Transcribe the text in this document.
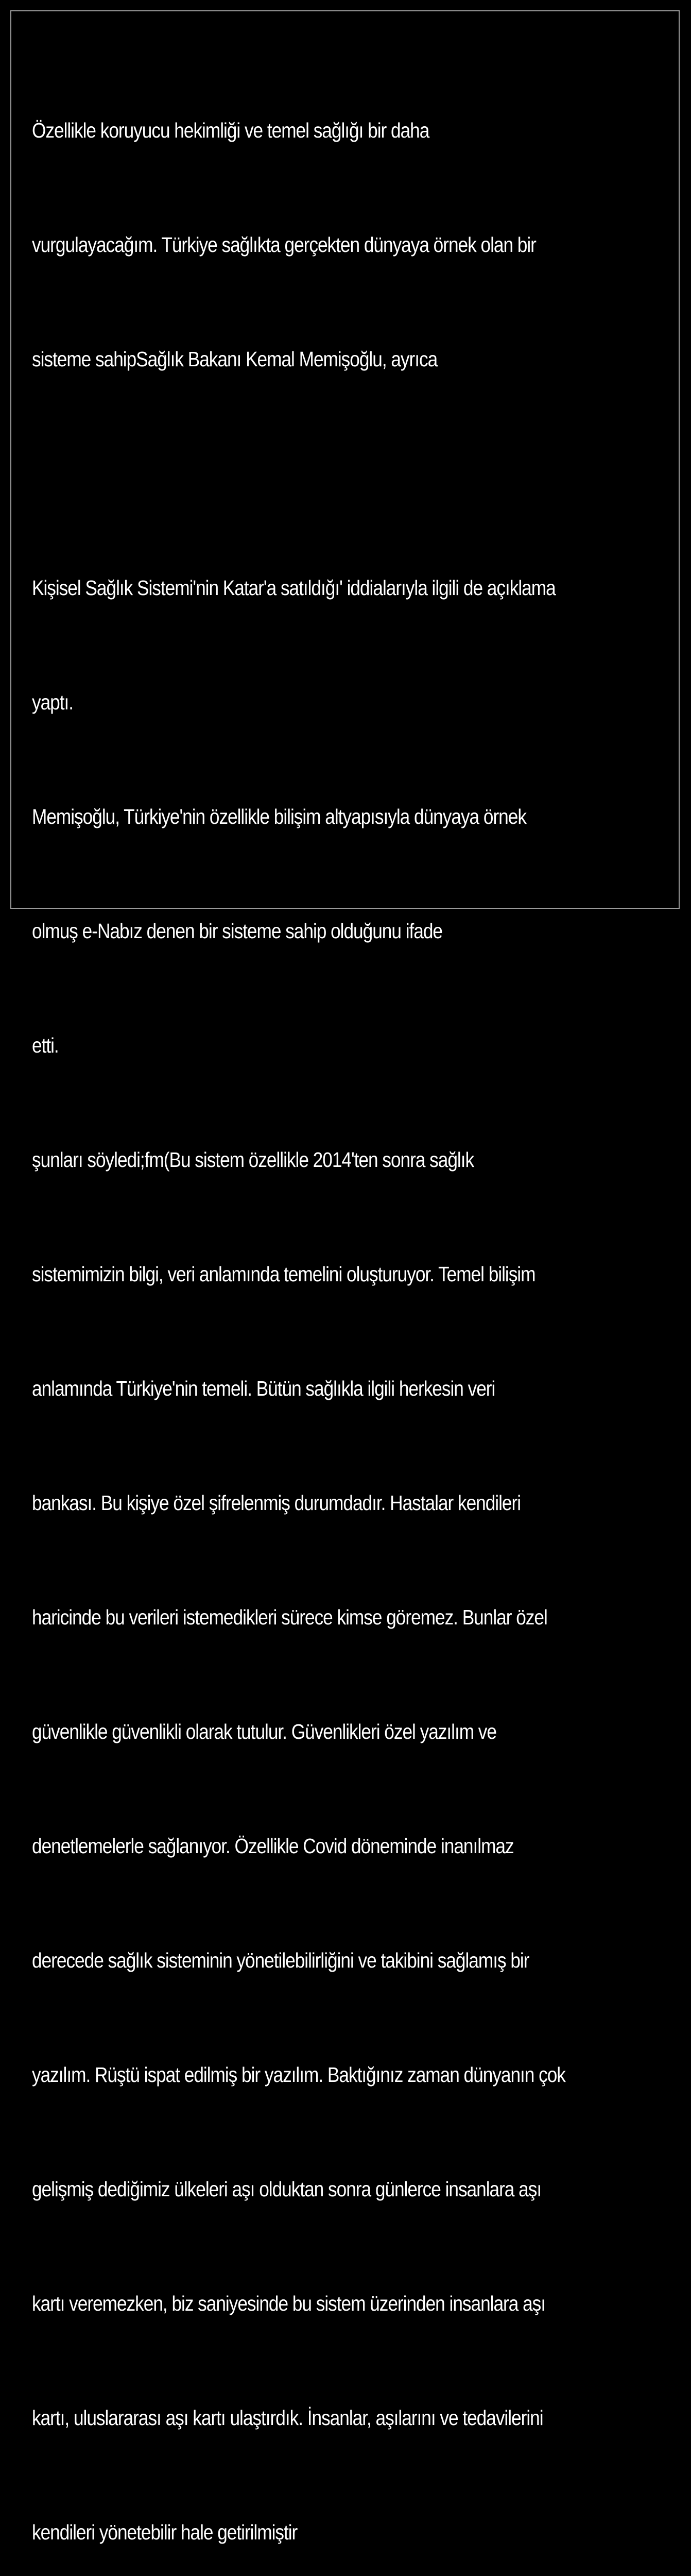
Özellikle koruyucu hekimliği ve temel sağlığı bir daha

vurgulayacağım. Türkiye sağlıkta gerçekten dünyaya örnek olan bir

sisteme sahipSağlık Bakanı Kemal Memişoğlu, ayrıca

Kişisel Sağlık Sistemi'nin Katar'a satıldığı' iddialarıyla ilgili de açıklama

yaptı.

Memişoğlu, Türkiye'nin özellikle bilişim altyapısıyla dünyaya örnek

olmuş e-Nabız denen bir sisteme sahip olduğunu ifade

etti.

şunları söyledi;fm(Bu sistem özellikle 2014'ten sonra sağlık

sistemimizin bilgi, veri anlamında temelini oluşturuyor. Temel bilişim

anlamında Türkiye'nin temeli. Bütün sağlıkla ilgili herkesin veri

bankası. Bu kişiye özel şifrelenmiş durumdadır. Hastalar kendileri

haricinde bu verileri istemedikleri sürece kimse göremez. Bunlar özel

güvenlikle güvenlikli olarak tutulur. Güvenlikleri özel yazılım ve

denetlemelerle sağlanıyor. Özellikle Covid döneminde inanılmaz

derecede sağlık sisteminin yönetilebilirliğini ve takibini sağlamış bir

yazılım. Rüştü ispat edilmiş bir yazılım. Baktığınız zaman dünyanın çok

gelişmiş dediğimiz ülkeleri aşı olduktan sonra günlerce insanlara aşı

kartı veremezken, biz saniyesinde bu sistem üzerinden insanlara aşı

kartı, uluslararası aşı kartı ulaştırdık. İnsanlar, aşılarını ve tedavilerini

kendileri yönetebilir hale getirilmiştir
